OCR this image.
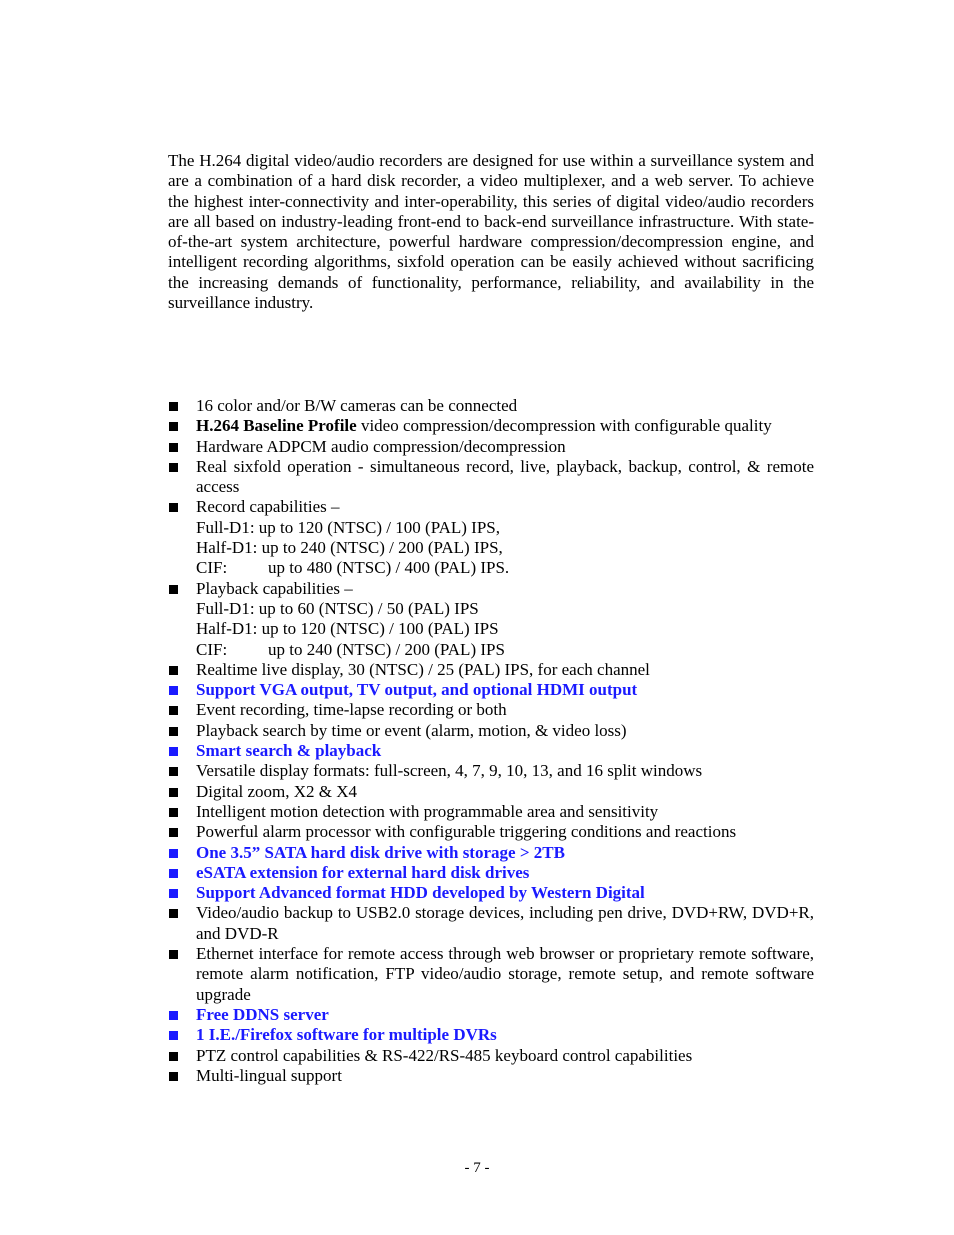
The H.264 digital video/audio recorders are designed for use within a surveillance system and are a combination of a hard disk recorder, a video multiplexer, and a web server. To achieve the highest inter-connectivity and inter-operability, this series of digital video/audio recorders are all based on industry-leading front-end to back-end surveillance infrastructure. With state-of-the-art system architecture, powerful hardware compression/decompression engine, and intelligent recording algorithms, sixfold operation can be easily achieved without sacrificing the increasing demands of functionality, performance, reliability, and availability in the surveillance industry.

16 color and/or B/W cameras can be connected
H.264 Baseline Profile video compression/decompression with configurable quality
Hardware ADPCM audio compression/decompression
Real sixfold operation - simultaneous record, live, playback, backup, control, & remote access
Record capabilities –
Full-D1: up to 120 (NTSC) / 100 (PAL) IPS,
Half-D1: up to 240 (NTSC) / 200 (PAL) IPS,
CIF: up to 480 (NTSC) / 400 (PAL) IPS.
Playback capabilities –
Full-D1: up to 60 (NTSC) / 50 (PAL) IPS
Half-D1: up to 120 (NTSC) / 100 (PAL) IPS
CIF: up to 240 (NTSC) / 200 (PAL) IPS
Realtime live display, 30 (NTSC) / 25 (PAL) IPS, for each channel
Support VGA output, TV output, and optional HDMI output
Event recording, time-lapse recording or both
Playback search by time or event (alarm, motion, & video loss)
Smart search & playback
Versatile display formats: full-screen, 4, 7, 9, 10, 13, and 16 split windows
Digital zoom, X2 & X4
Intelligent motion detection with programmable area and sensitivity
Powerful alarm processor with configurable triggering conditions and reactions
One 3.5” SATA hard disk drive with storage > 2TB
eSATA extension for external hard disk drives
Support Advanced format HDD developed by Western Digital
Video/audio backup to USB2.0 storage devices, including pen drive, DVD+RW, DVD+R, and DVD-R
Ethernet interface for remote access through web browser or proprietary remote software, remote alarm notification, FTP video/audio storage, remote setup, and remote software upgrade
Free DDNS server
1 I.E./Firefox software for multiple DVRs
PTZ control capabilities & RS-422/RS-485 keyboard control capabilities
Multi-lingual support
- 7 -
